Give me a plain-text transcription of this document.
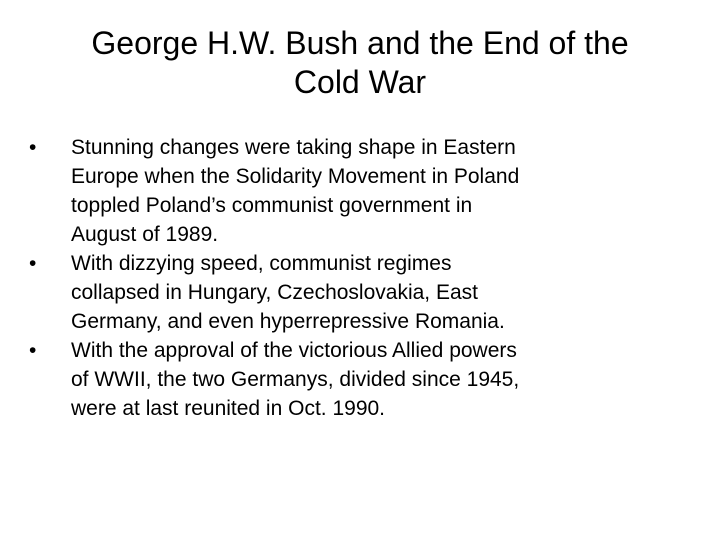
George H.W. Bush and the End of the
Cold War
•	Stunning changes were taking shape in Eastern
Europe when the Solidarity Movement in Poland
toppled Poland’s communist government in
August of 1989.
•	With dizzying speed, communist regimes
collapsed in Hungary, Czechoslovakia, East
Germany, and even hyperrepressive Romania.
•	With the approval of the victorious Allied powers
of WWII, the two Germanys, divided since 1945,
were at last reunited in Oct. 1990.
